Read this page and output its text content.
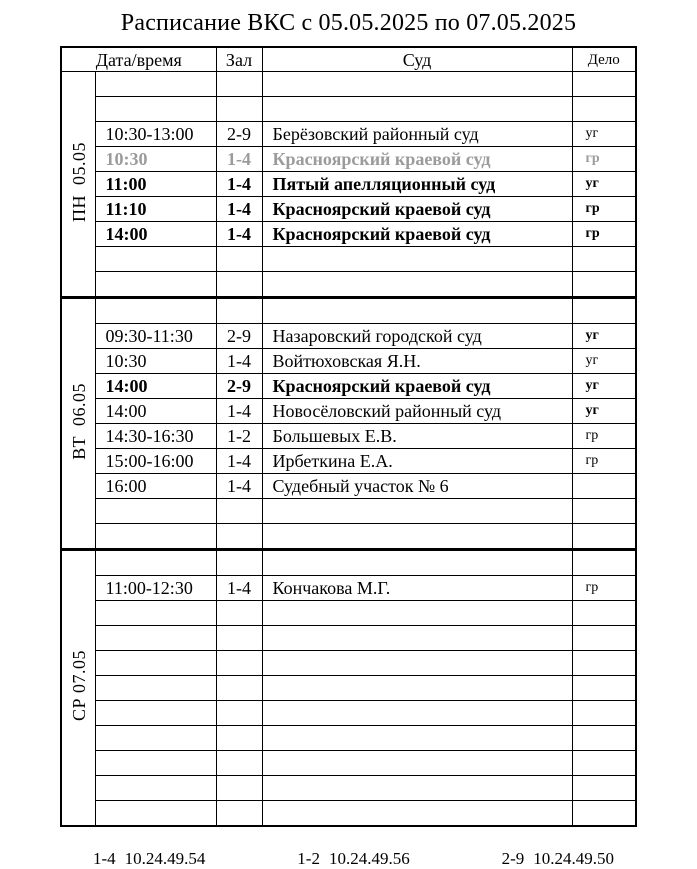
Расписание ВКС с 05.05.2025 по 07.05.2025
Дата/время		Зал	Суд	Дело
ПН  05.05				

	10:30-13:00	2-9	Берёзовский районный суд	уг
	10:30	1-4	Красноярский краевой суд	гр
	11:00	1-4	Пятый апелляционный суд	уг
	11:10	1-4	Красноярский краевой суд	гр
	14:00	1-4	Красноярский краевой суд	гр

ВТ  06.05				
	09:30-11:30	2-9	Назаровский городской суд	уг
	10:30	1-4	Войтюховская Я.Н.	уг
	14:00	2-9	Красноярский краевой суд	уг
	14:00	1-4	Новосёловский районный суд	уг
	14:30-16:30	1-2	Большевых Е.В.	гр
	15:00-16:00	1-4	Ирбеткина Е.А.	гр
	16:00	1-4	Судебный участок № 6	

СР 07.05				
	11:00-12:30	1-4	Кончакова М.Г.	гр

1-4 10.24.49.54	1-2 10.24.49.56	2-9 10.24.49.50
